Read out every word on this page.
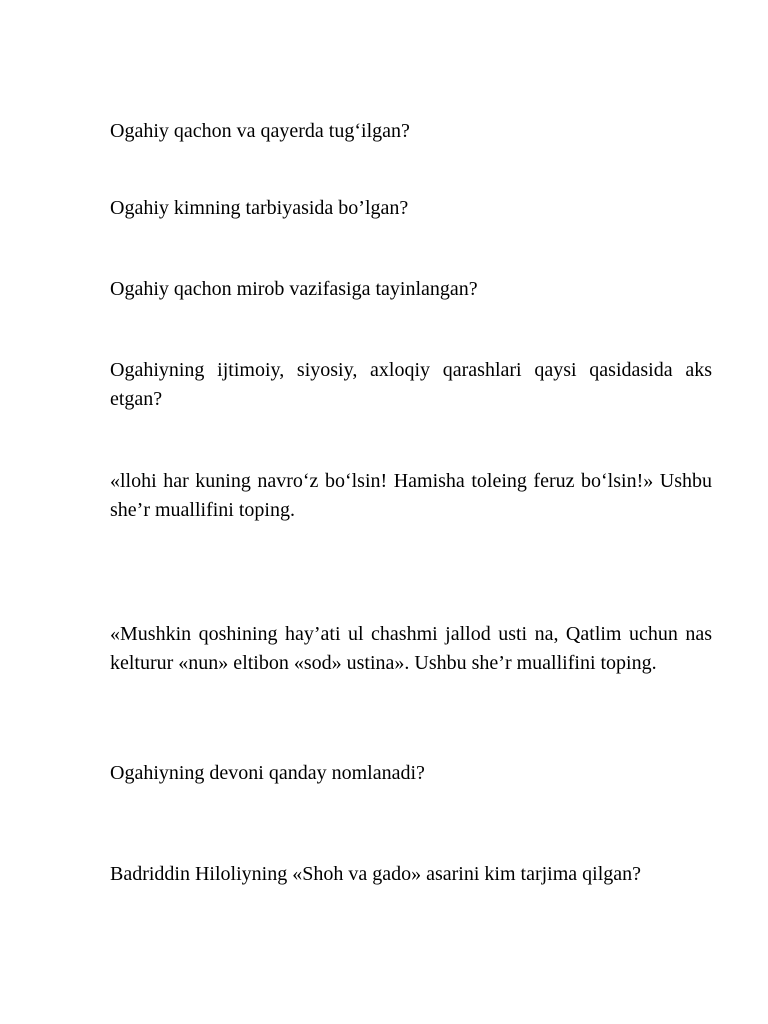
Ogahiy qachon va qayerda tug‘ilgan?

Ogahiy kimning tarbiyasida bo’lgan?

Ogahiy qachon mirob vazifasiga tayinlangan?

Ogahiyning ijtimoiy, siyosiy, axloqiy qarashlari qaysi qasidasida aks etgan?

«llohi har kuning navro‘z bo‘lsin! Hamisha toleing feruz bo‘lsin!» Ushbu she’r muallifini toping.

«Mushkin qoshining hay’ati ul chashmi jallod usti na, Qatlim uchun nas kelturur «nun» eltibon «sod» ustina». Ushbu she’r muallifini toping.

Ogahiyning devoni qanday nomlanadi?

Badriddin Hiloliyning «Shoh va gado» asarini kim tarjima qilgan?
